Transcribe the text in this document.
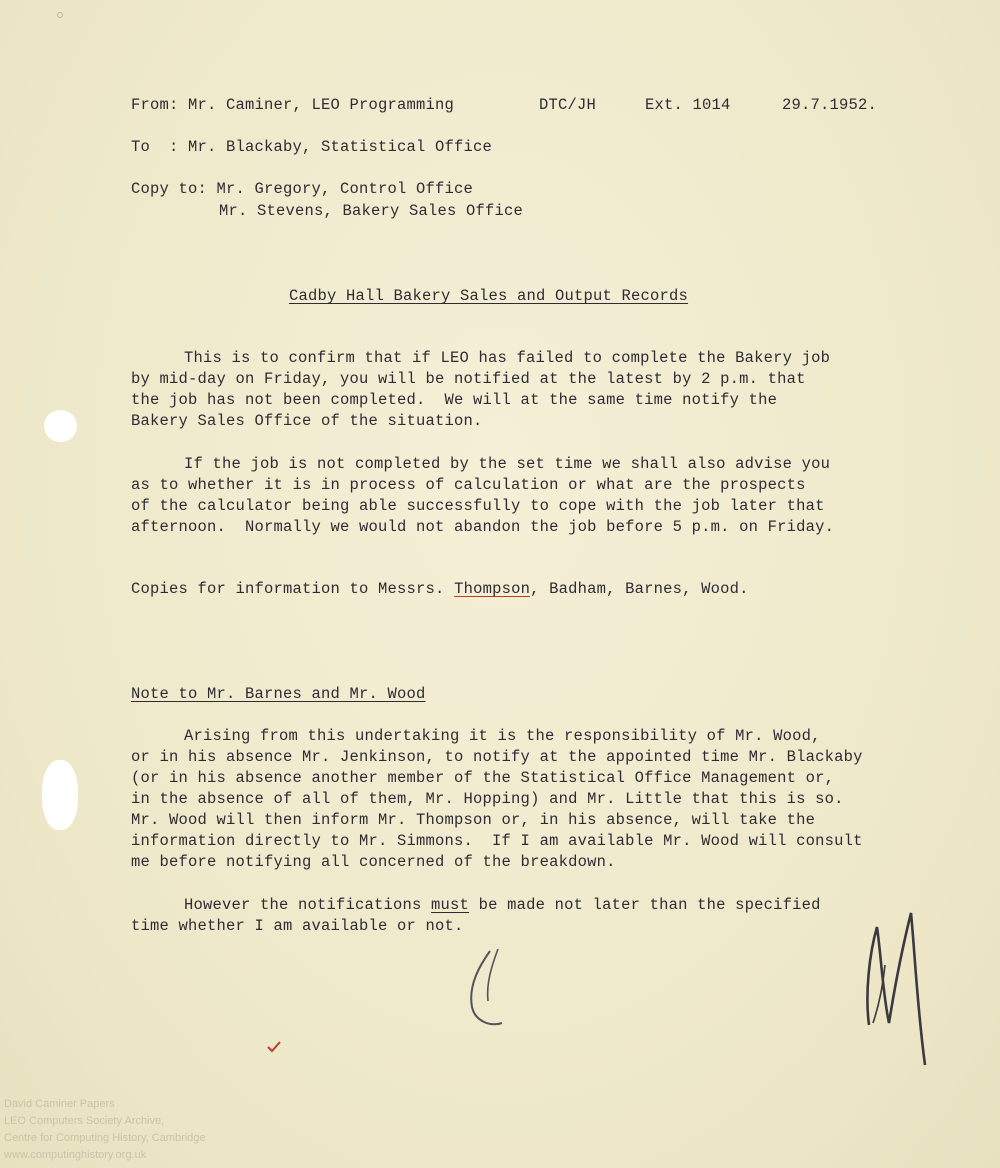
From: Mr. Caminer, LEO Programming	DTC/JH	Ext. 1014	29.7.1952.
To  : Mr. Blackaby, Statistical Office
Copy to: Mr. Gregory, Control Office
Mr. Stevens, Bakery Sales Office
Cadby Hall Bakery Sales and Output Records
This is to confirm that if LEO has failed to complete the Bakery job
by mid-day on Friday, you will be notified at the latest by 2 p.m. that
the job has not been completed.  We will at the same time notify the
Bakery Sales Office of the situation.
If the job is not completed by the set time we shall also advise you
as to whether it is in process of calculation or what are the prospects
of the calculator being able successfully to cope with the job later that
afternoon.  Normally we would not abandon the job before 5 p.m. on Friday.
Copies for information to Messrs. Thompson, Badham, Barnes, Wood.
Note to Mr. Barnes and Mr. Wood
Arising from this undertaking it is the responsibility of Mr. Wood,
or in his absence Mr. Jenkinson, to notify at the appointed time Mr. Blackaby
(or in his absence another member of the Statistical Office Management or,
in the absence of all of them, Mr. Hopping) and Mr. Little that this is so.
Mr. Wood will then inform Mr. Thompson or, in his absence, will take the
information directly to Mr. Simmons.  If I am available Mr. Wood will consult
me before notifying all concerned of the breakdown.
However the notifications must be made not later than the specified
time whether I am available or not.
David Caminer Papers
LEO Computers Society Archive,
Centre for Computing History, Cambridge
www.computinghistory.org.uk
